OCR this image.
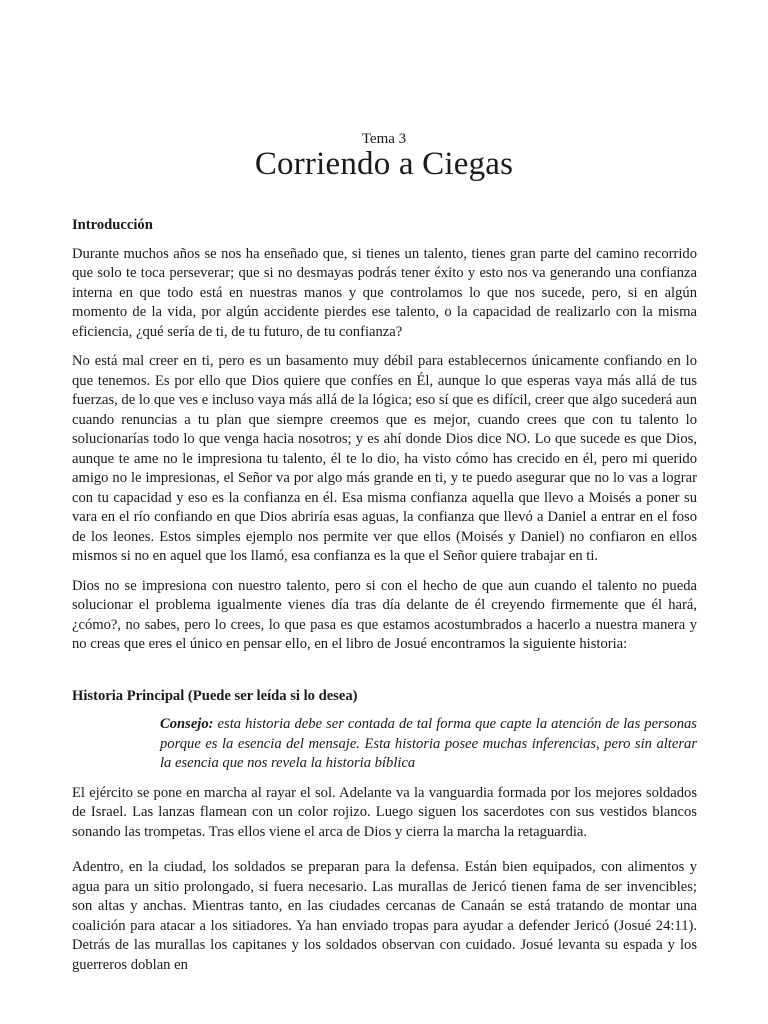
Tema 3
Corriendo a Ciegas
Introducción

Durante muchos años se nos ha enseñado que, si tienes un talento, tienes gran parte del camino recorrido que solo te toca perseverar; que si no desmayas podrás tener éxito y esto nos va generando una confianza interna en que todo está en nuestras manos y que controlamos lo que nos sucede, pero, si en algún momento de la vida, por algún accidente pierdes ese talento, o la capacidad de realizarlo con la misma eficiencia, ¿qué sería de ti, de tu futuro, de tu confianza?

No está mal creer en ti, pero es un basamento muy débil para establecernos únicamente confiando en lo que tenemos. Es por ello que Dios quiere que confíes en Él, aunque lo que esperas vaya más allá de tus fuerzas, de lo que ves e incluso vaya más allá de la lógica; eso sí que es difícil, creer que algo sucederá aun cuando renuncias a tu plan que siempre creemos que es mejor, cuando crees que con tu talento lo solucionarías todo lo que venga hacia nosotros; y es ahí donde Dios dice NO. Lo que sucede es que Dios, aunque te ame no le impresiona tu talento, él te lo dio, ha visto cómo has crecido en él, pero mi querido amigo no le impresionas, el Señor va por algo más grande en ti, y te puedo asegurar que no lo vas a lograr con tu capacidad y eso es la confianza en él. Esa misma confianza aquella que llevo a Moisés a poner su vara en el río confiando en que Dios abriría esas aguas, la confianza que llevó a Daniel a entrar en el foso de los leones. Estos simples ejemplo nos permite ver que ellos (Moisés y Daniel) no confiaron en ellos mismos si no en aquel que los llamó, esa confianza es la que el Señor quiere trabajar en ti.

Dios no se impresiona con nuestro talento, pero si con el hecho de que aun cuando el talento no pueda solucionar el problema igualmente vienes día tras día delante de él creyendo firmemente que él hará, ¿cómo?, no sabes, pero lo crees, lo que pasa es que estamos acostumbrados a hacerlo a nuestra manera y no creas que eres el único en pensar ello, en el libro de Josué encontramos la siguiente historia:

Historia Principal (Puede ser leída si lo desea)
Consejo: esta historia debe ser contada de tal forma que capte la atención de las personas porque es la esencia del mensaje. Esta historia posee muchas inferencias, pero sin alterar la esencia que nos revela la historia bíblica

El ejército se pone en marcha al rayar el sol. Adelante va la vanguardia formada por los mejores soldados de Israel. Las lanzas flamean con un color rojizo. Luego siguen los sacerdotes con sus vestidos blancos sonando las trompetas. Tras ellos viene el arca de Dios y cierra la marcha la retaguardia.

Adentro, en la ciudad, los soldados se preparan para la defensa. Están bien equipados, con alimentos y agua para un sitio prolongado, si fuera necesario. Las murallas de Jericó tienen fama de ser invencibles; son altas y anchas. Mientras tanto, en las ciudades cercanas de Canaán se está tratando de montar una coalición para atacar a los sitiadores. Ya han enviado tropas para ayudar a defender Jericó (Josué 24:11). Detrás de las murallas los capitanes y los soldados observan con cuidado. Josué levanta su espada y los guerreros doblan en
